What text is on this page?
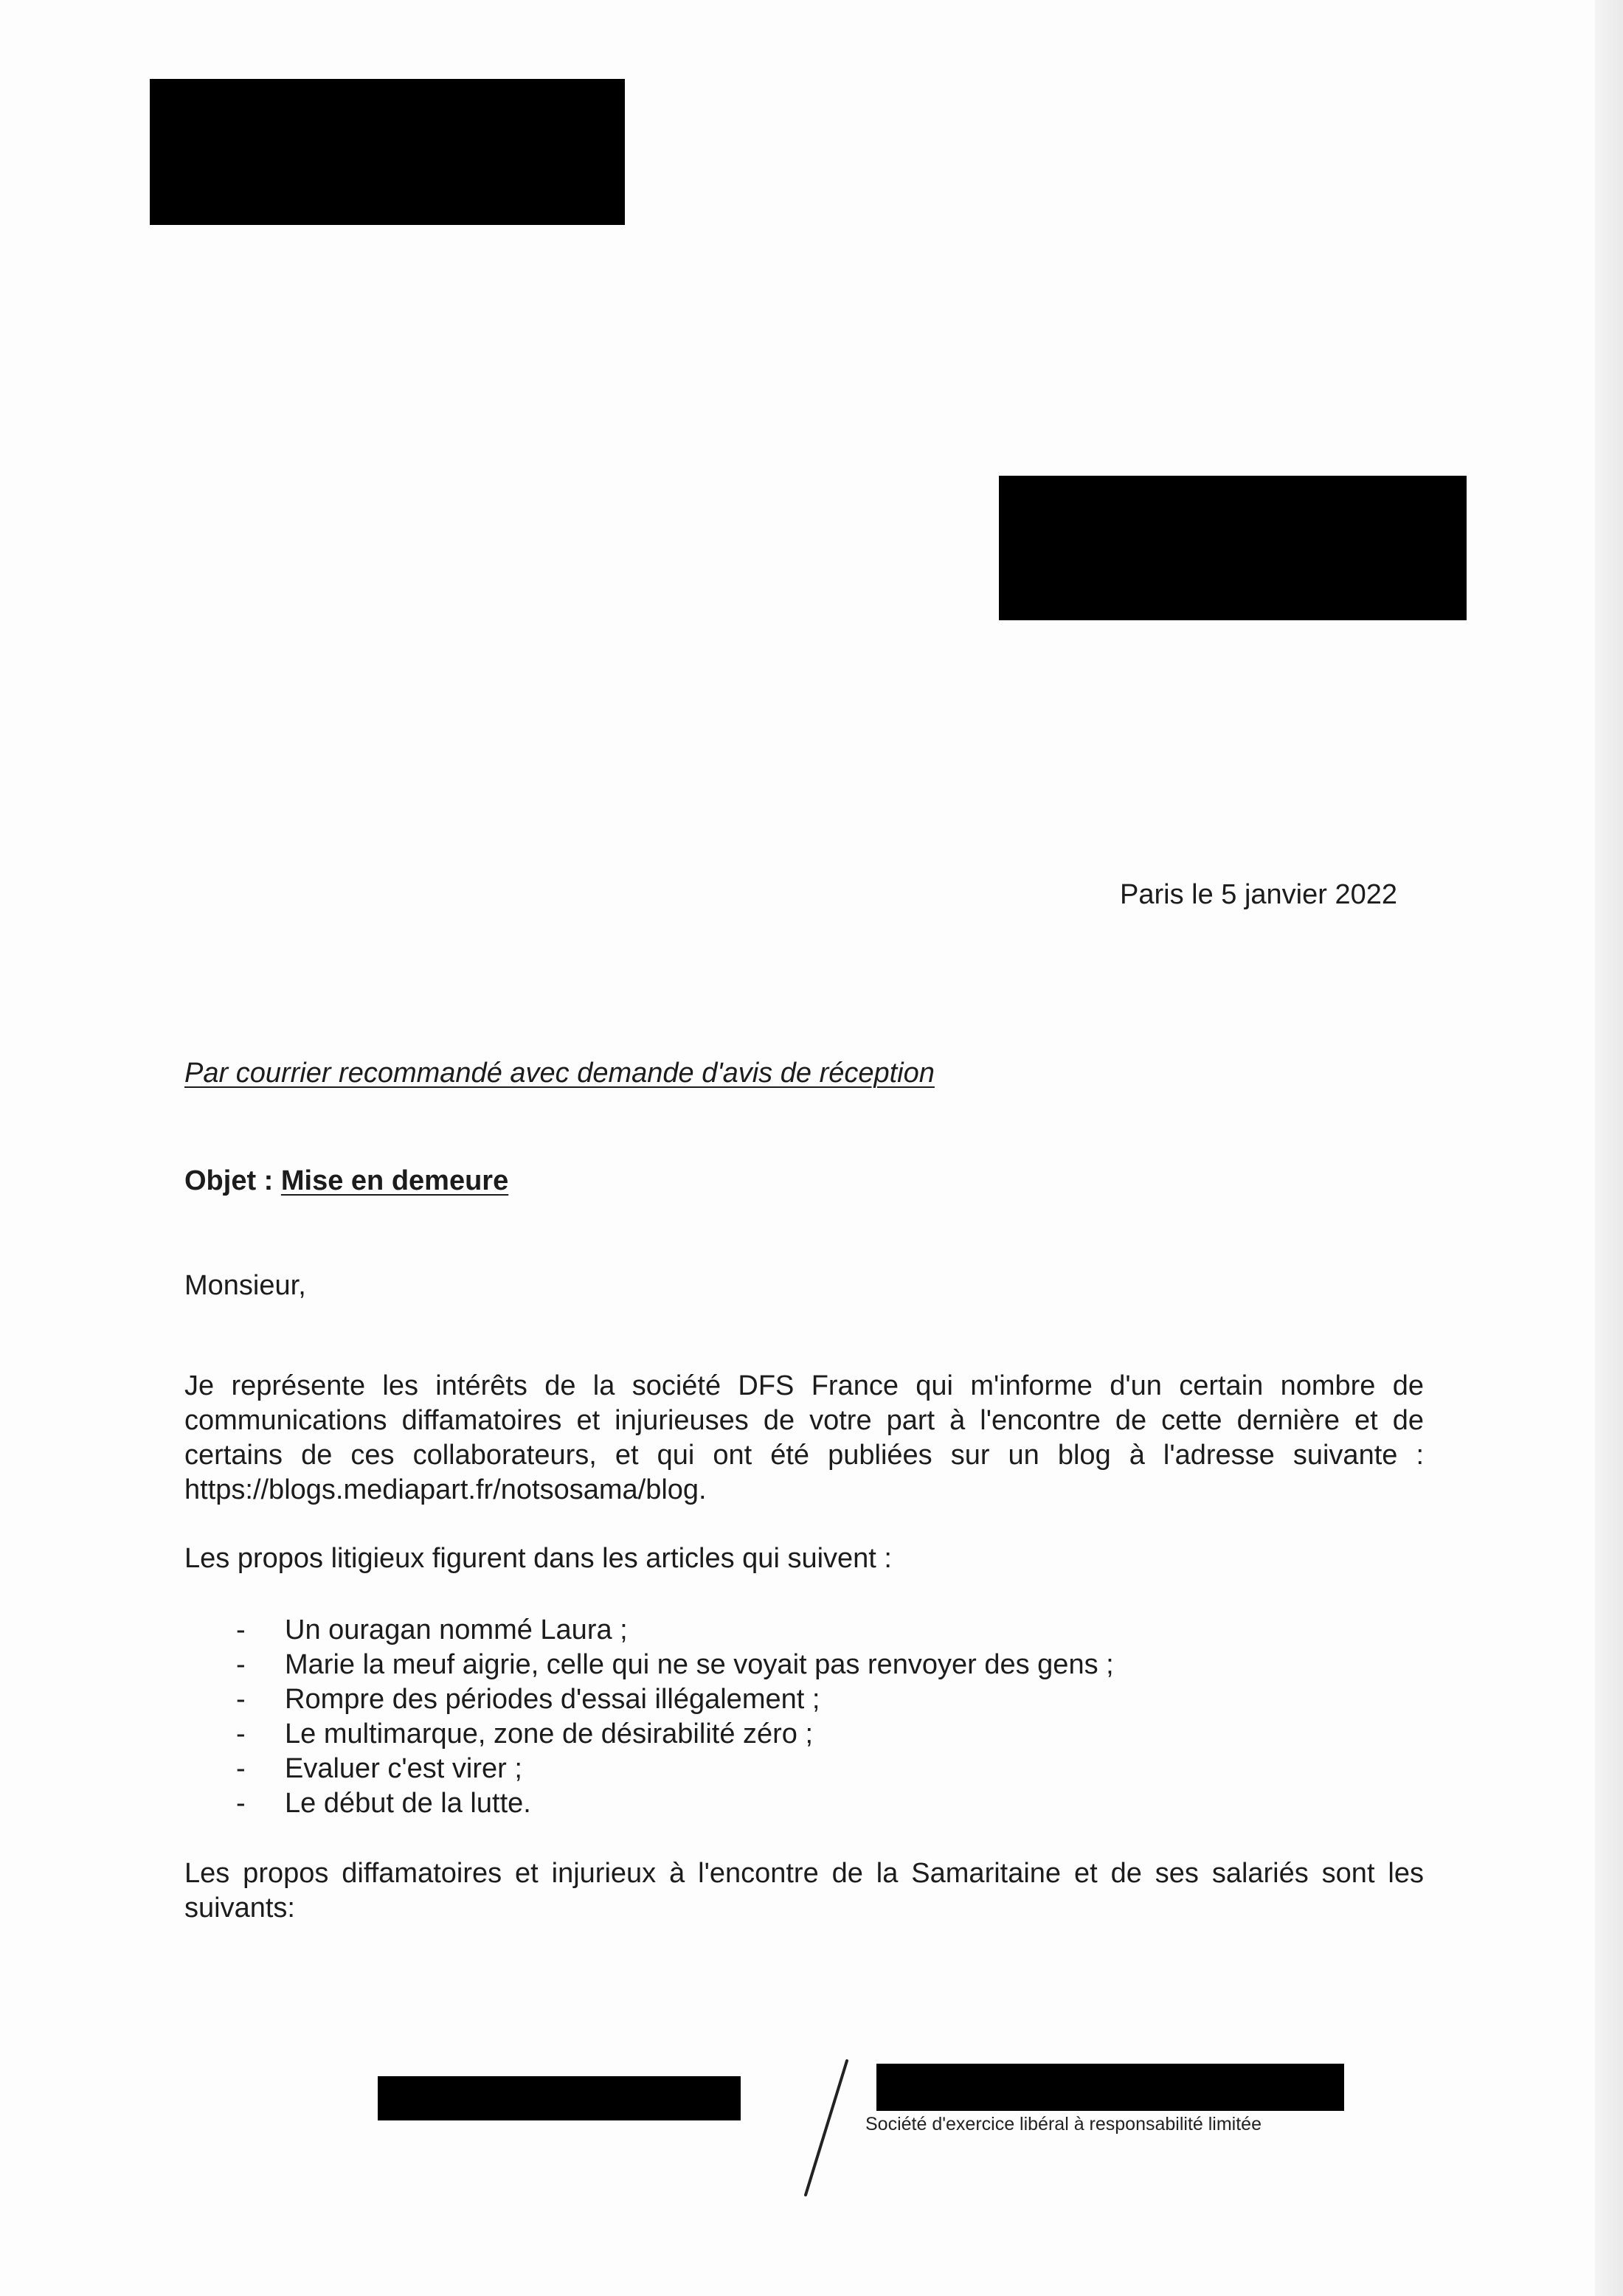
Paris le 5 janvier 2022
Par courrier recommandé avec demande d'avis de réception
Objet : Mise en demeure
Monsieur,
Je représente les intérêts de la société DFS France qui m'informe d'un certain nombre de
communications diffamatoires et injurieuses de votre part à l'encontre de cette dernière et de
certains de ces collaborateurs, et qui ont été publiées sur un blog à l'adresse suivante :
https://blogs.mediapart.fr/notsosama/blog.
Les propos litigieux figurent dans les articles qui suivent :
- Un ouragan nommé Laura ;
- Marie la meuf aigrie, celle qui ne se voyait pas renvoyer des gens ;
- Rompre des périodes d'essai illégalement ;
- Le multimarque, zone de désirabilité zéro ;
- Evaluer c'est virer ;
- Le début de la lutte.
Les propos diffamatoires et injurieux à l'encontre de la Samaritaine et de ses salariés sont les
suivants:
Société d'exercice libéral à responsabilité limitée
